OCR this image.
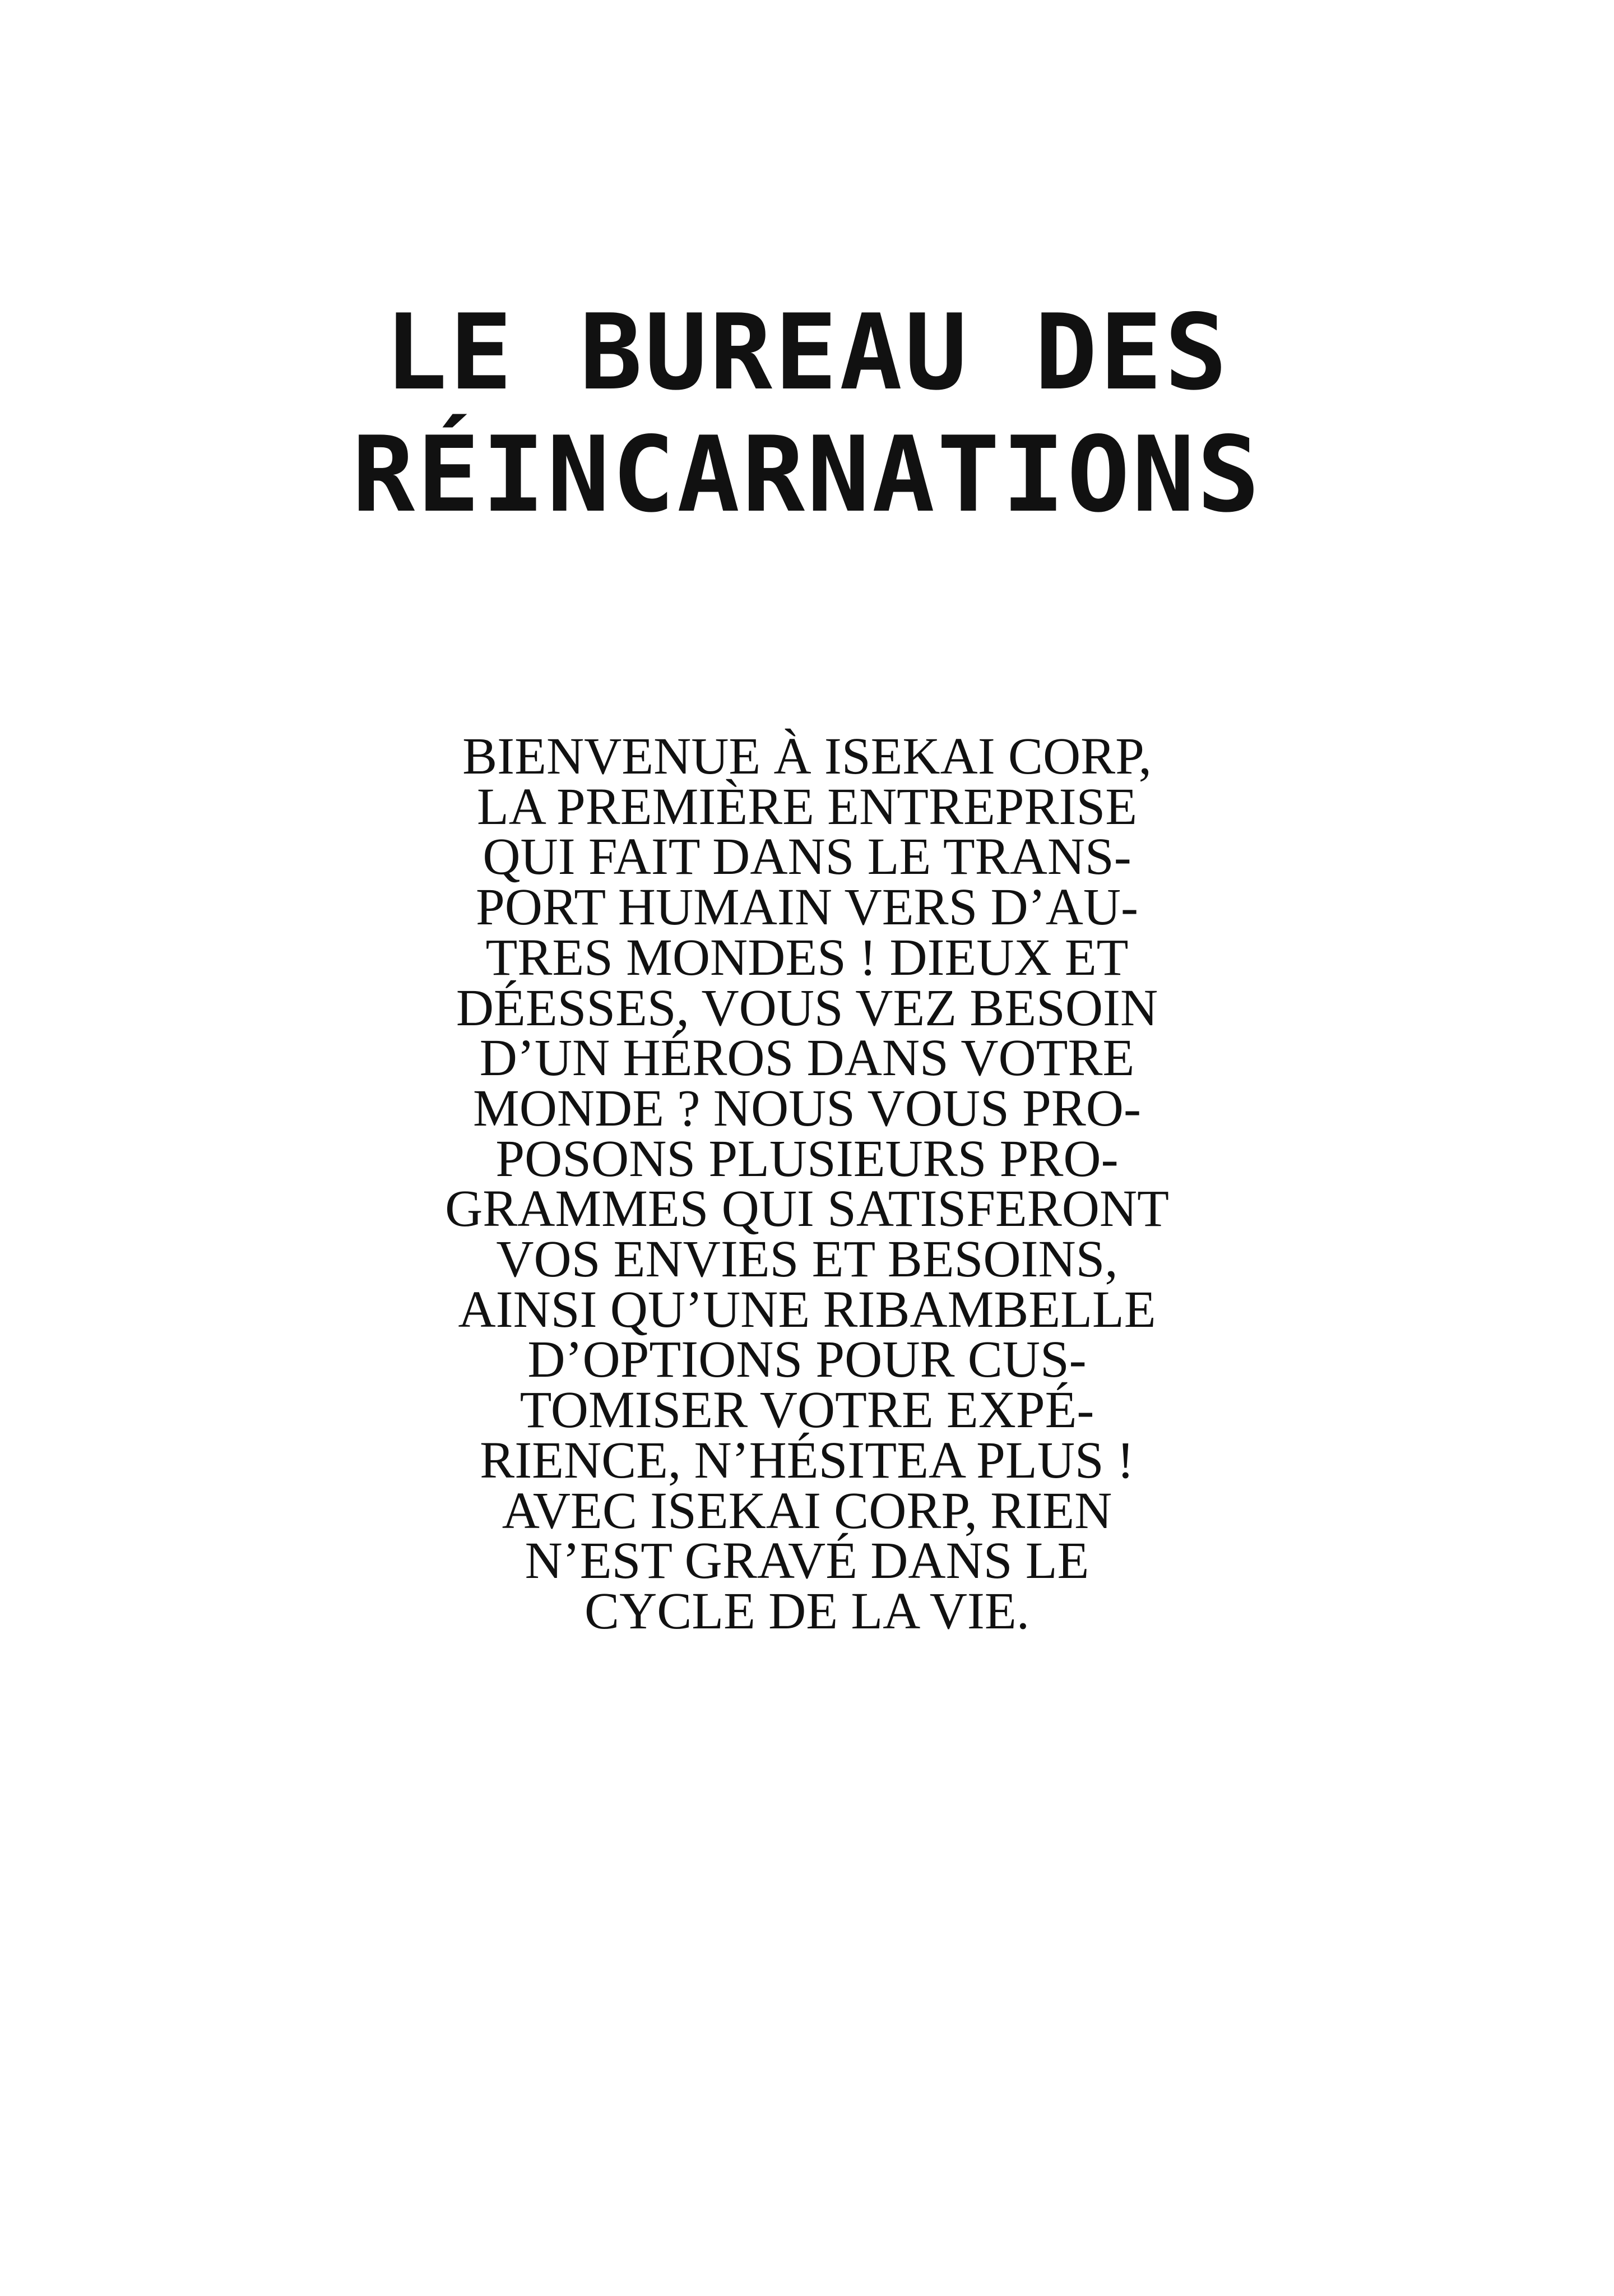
LE BUREAU DES
RÉINCARNATIONS
BIENVENUE À ISEKAI CORP,
LA PREMIÈRE ENTREPRISE
QUI FAIT DANS LE TRANS-
PORT HUMAIN VERS D’AU-
TRES MONDES ! DIEUX ET
DÉESSES, VOUS VEZ BESOIN
D’UN HÉROS DANS VOTRE
MONDE ? NOUS VOUS PRO-
POSONS PLUSIEURS PRO-
GRAMMES QUI SATISFERONT
VOS ENVIES ET BESOINS,
AINSI QU’UNE RIBAMBELLE
D’OPTIONS POUR CUS-
TOMISER VOTRE EXPÉ-
RIENCE, N’HÉSITEA PLUS !
AVEC ISEKAI CORP, RIEN
N’EST GRAVÉ DANS LE
CYCLE DE LA VIE.
